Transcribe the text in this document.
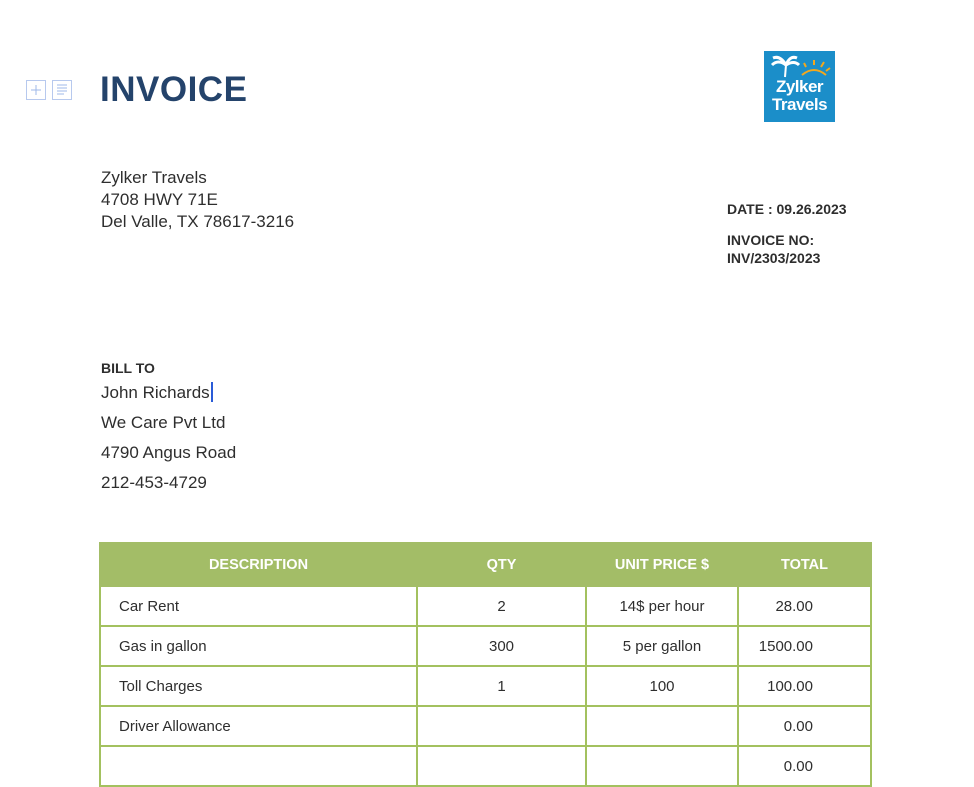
INVOICE	Zylker
Travels
Zylker Travels
4708 HWY 71E
Del Valle, TX 78617-3216
DATE : 09.26.2023
INVOICE NO:
INV/2303/2023
BILL TO
John Richards
We Care Pvt Ltd
4790 Angus Road
212-453-4729
DESCRIPTION	QTY	UNIT PRICE $	TOTAL
Car Rent	2	14$ per hour	28.00
Gas in gallon	300	5 per gallon	1500.00
Toll Charges	1	100	100.00
Driver Allowance			0.00
			0.00
